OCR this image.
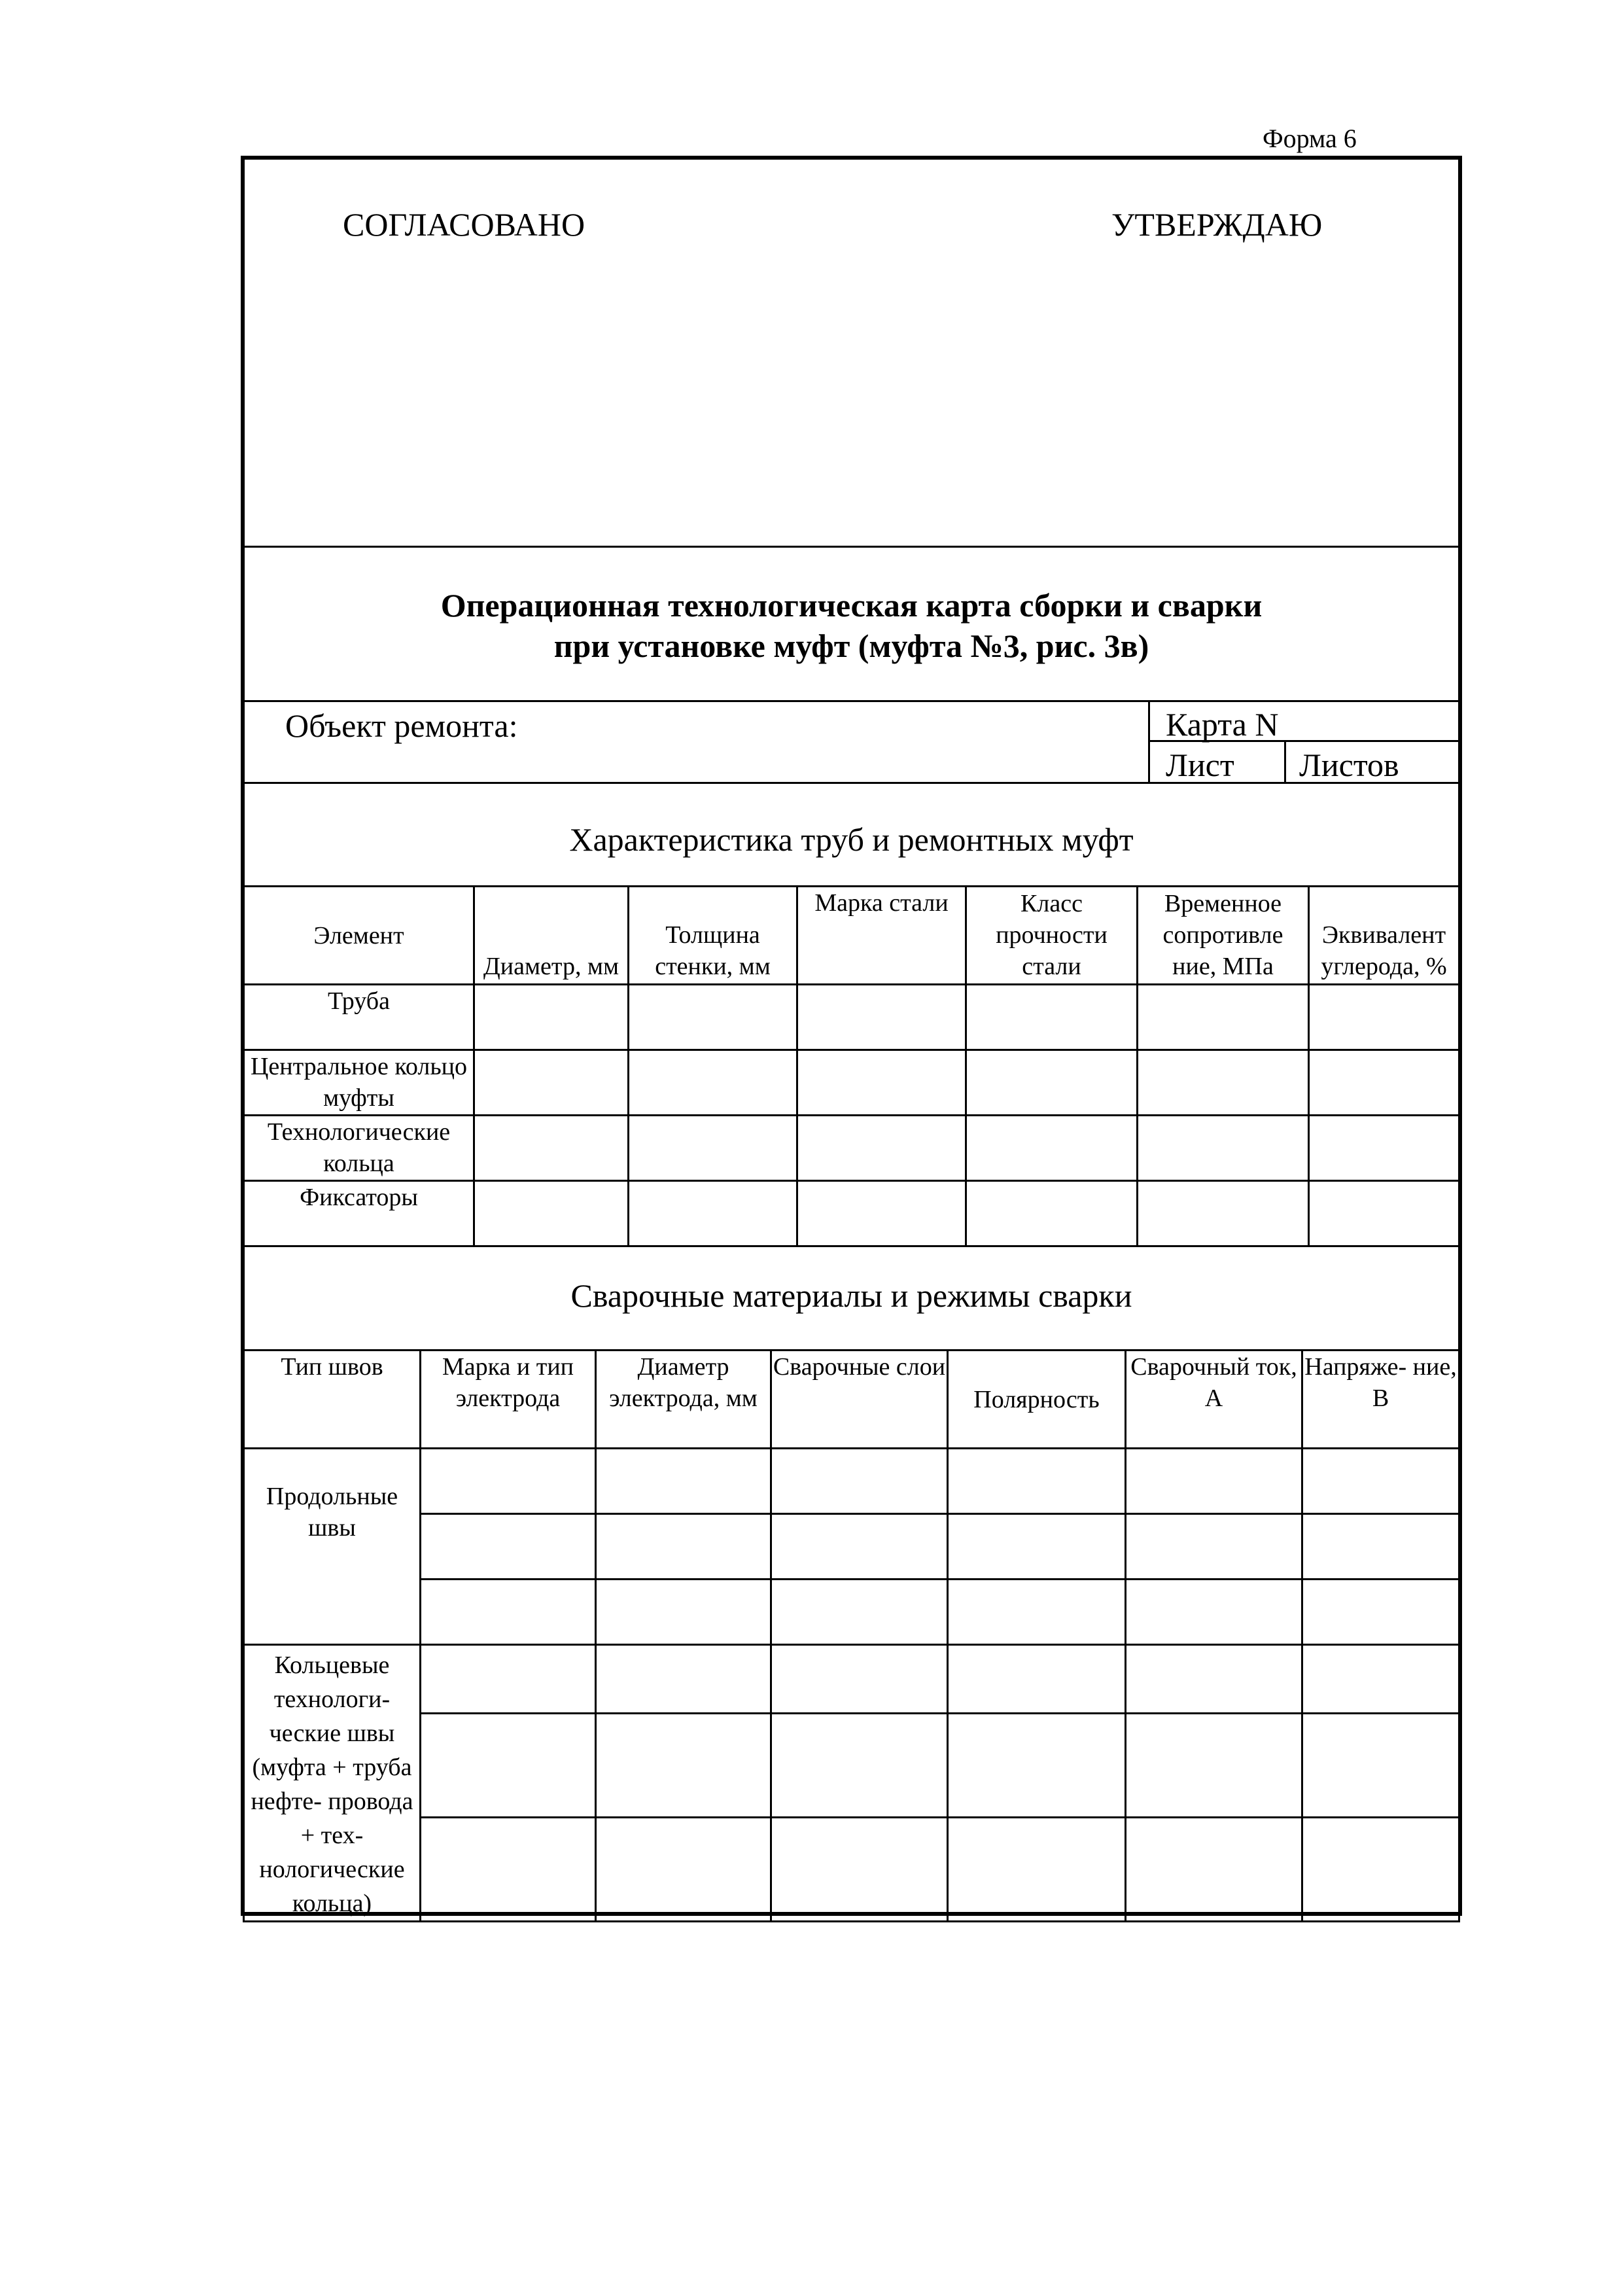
Форма 6
СОГЛАСОВАНО	УТВЕРЖДАЮ
Операционная технологическая карта сборки и сварки
при установке муфт (муфта №3, рис. 3в)
Объект ремонта:	Карта N
Лист Листов
Характеристика труб и ремонтных муфт
Элемент	Диаметр, мм	Толщина стенки, мм	Марка стали	Класс прочности стали	Временное сопротивле ние, МПа	Эквивалент углерода, %
Труба						
Центральное кольцо муфты						
Технологические кольца						
Фиксаторы						
Сварочные материалы и режимы сварки
Тип швов	Марка и тип электрода	Диаметр электрода, мм	Сварочные слои	Полярность	Сварочный ток, А	Напряже- ние, В
Продольные швы						

Кольцевые технологи- ческие швы (муфта + труба нефте- провода + тех- нологические кольца)						
